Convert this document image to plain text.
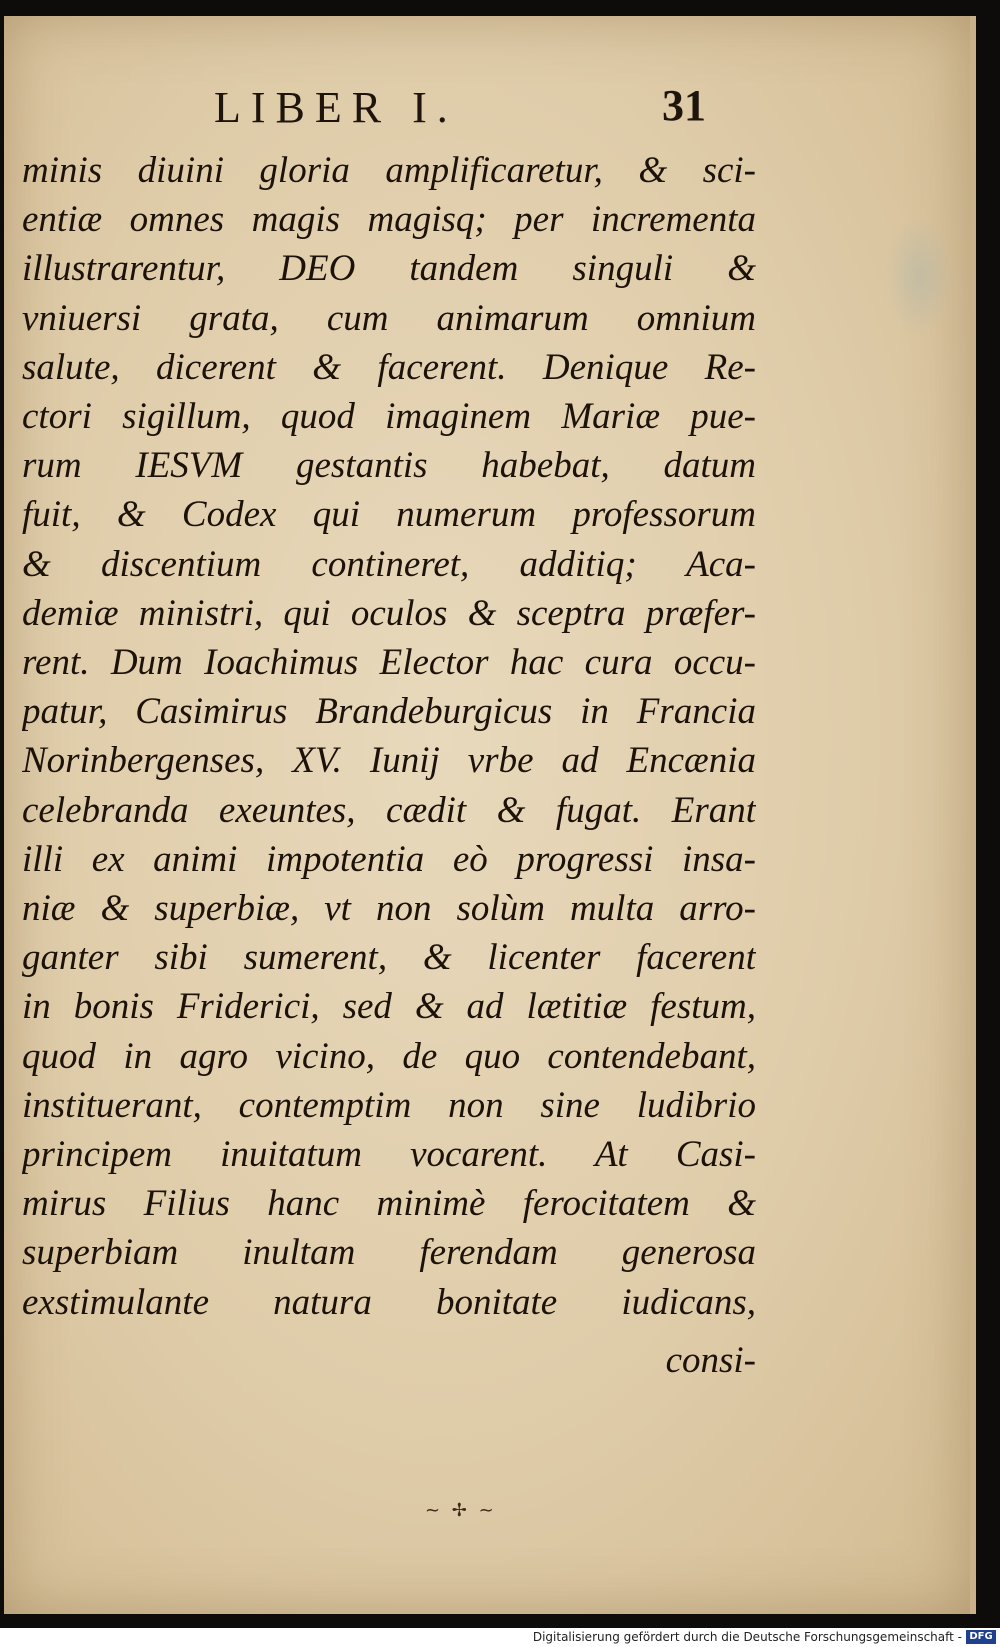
LIBER I.	31
minis diuini gloria amplificaretur, & sci-
entiæ omnes magis magisq; per incrementa
illustrarentur, DEO tandem singuli &
vniuersi grata, cum animarum omnium
salute, dicerent & facerent. Denique Re-
ctori sigillum, quod imaginem Mariæ pue-
rum IESVM gestantis habebat, datum
fuit, & Codex qui numerum professorum
& discentium contineret, additiq; Aca-
demiæ ministri, qui oculos & sceptra præfer-
rent. Dum Ioachimus Elector hac cura occu-
patur, Casimirus Brandeburgicus in Francia
Norinbergenses, XV. Iunij vrbe ad Encænia
celebranda exeuntes, cædit & fugat. Erant
illi ex animi impotentia eò progressi insa-
niæ & superbiæ, vt non solùm multa arro-
ganter sibi sumerent, & licenter facerent
in bonis Friderici, sed & ad lætitiæ festum,
quod in agro vicino, de quo contendebant,
instituerant, contemptim non sine ludibrio
principem inuitatum vocarent. At Casi-
mirus Filius hanc minimè ferocitatem &
superbiam inultam ferendam generosa
exstimulante natura bonitate iudicans,
consi-
~ ✢ ~
Digitalisierung gefördert durch die Deutsche Forschungsgemeinschaft - DFG
